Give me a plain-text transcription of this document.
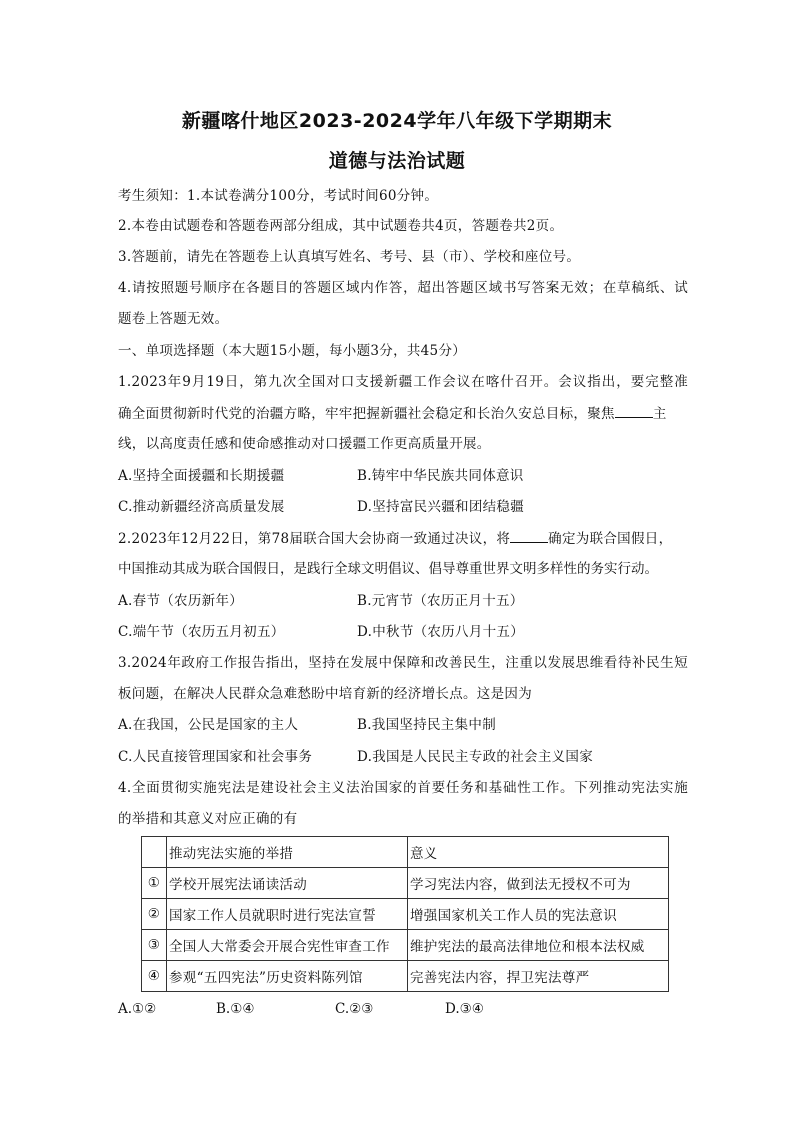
新疆喀什地区2023-2024学年八年级下学期期末
道德与法治试题
考生须知：1.本试卷满分100分，考试时间60分钟。
2.本卷由试题卷和答题卷两部分组成，其中试题卷共4页，答题卷共2页。
3.答题前，请先在答题卷上认真填写姓名、考号、县（市）、学校和座位号。
4.请按照题号顺序在各题目的答题区域内作答，超出答题区域书写答案无效；在草稿纸、试
题卷上答题无效。
一、单项选择题（本大题15小题，每小题3分，共45分）
1.2023年9月19日，第九次全国对口支援新疆工作会议在喀什召开。会议指出，要完整准
确全面贯彻新时代党的治疆方略，牢牢把握新疆社会稳定和长治久安总目标，聚焦	主
线，以高度责任感和使命感推动对口援疆工作更高质量开展。
A.坚持全面援疆和长期援疆	B.铸牢中华民族共同体意识
C.推动新疆经济高质量发展	D.坚持富民兴疆和团结稳疆
2.2023年12月22日，第78届联合国大会协商一致通过决议，将	确定为联合国假日，
中国推动其成为联合国假日，是践行全球文明倡议、倡导尊重世界文明多样性的务实行动。
A.春节（农历新年）	B.元宵节（农历正月十五）
C.端午节（农历五月初五）	D.中秋节（农历八月十五）
3.2024年政府工作报告指出，坚持在发展中保障和改善民生，注重以发展思维看待补民生短
板问题，在解决人民群众急难愁盼中培育新的经济增长点。这是因为
A.在我国，公民是国家的主人	B.我国坚持民主集中制
C.人民直接管理国家和社会事务	D.我国是人民民主专政的社会主义国家
4.全面贯彻实施宪法是建设社会主义法治国家的首要任务和基础性工作。下列推动宪法实施
的举措和其意义对应正确的有
	推动宪法实施的举措	意义
①	学校开展宪法诵读活动	学习宪法内容，做到法无授权不可为
②	国家工作人员就职时进行宪法宣誓	增强国家机关工作人员的宪法意识
③	全国人大常委会开展合宪性审查工作	维护宪法的最高法律地位和根本法权威
④	参观“五四宪法”历史资料陈列馆	完善宪法内容，捍卫宪法尊严
A.①②	B.①④	C.②③	D.③④
